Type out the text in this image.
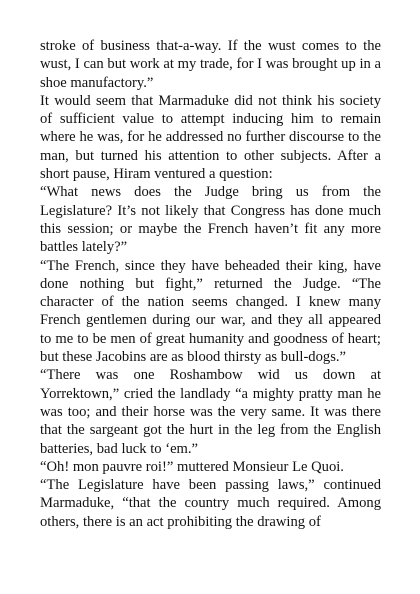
stroke of business that-a-way. If the wust comes to the wust, I can but work at my trade, for I was brought up in a shoe manufactory.”

It would seem that Marmaduke did not think his society of sufficient value to attempt inducing him to remain where he was, for he addressed no further discourse to the man, but turned his attention to other subjects. After a short pause, Hiram ventured a question:

“What news does the Judge bring us from the Legislature? It’s not likely that Congress has done much this session; or maybe the French haven’t fit any more battles lately?”

“The French, since they have beheaded their king, have done nothing but fight,” returned the Judge. “The character of the nation seems changed. I knew many French gentlemen during our war, and they all appeared to me to be men of great humanity and goodness of heart; but these Jacobins are as blood thirsty as bull-dogs.”

“There was one Roshambow wid us down at Yorrektown,” cried the landlady “a mighty pratty man he was too; and their horse was the very same. It was there that the sargeant got the hurt in the leg from the English batteries, bad luck to ‘em.”

“Oh! mon pauvre roi!” muttered Monsieur Le Quoi.

“The Legislature have been passing laws,” continued Marmaduke, “that the country much required. Among others, there is an act prohibiting the drawing of
